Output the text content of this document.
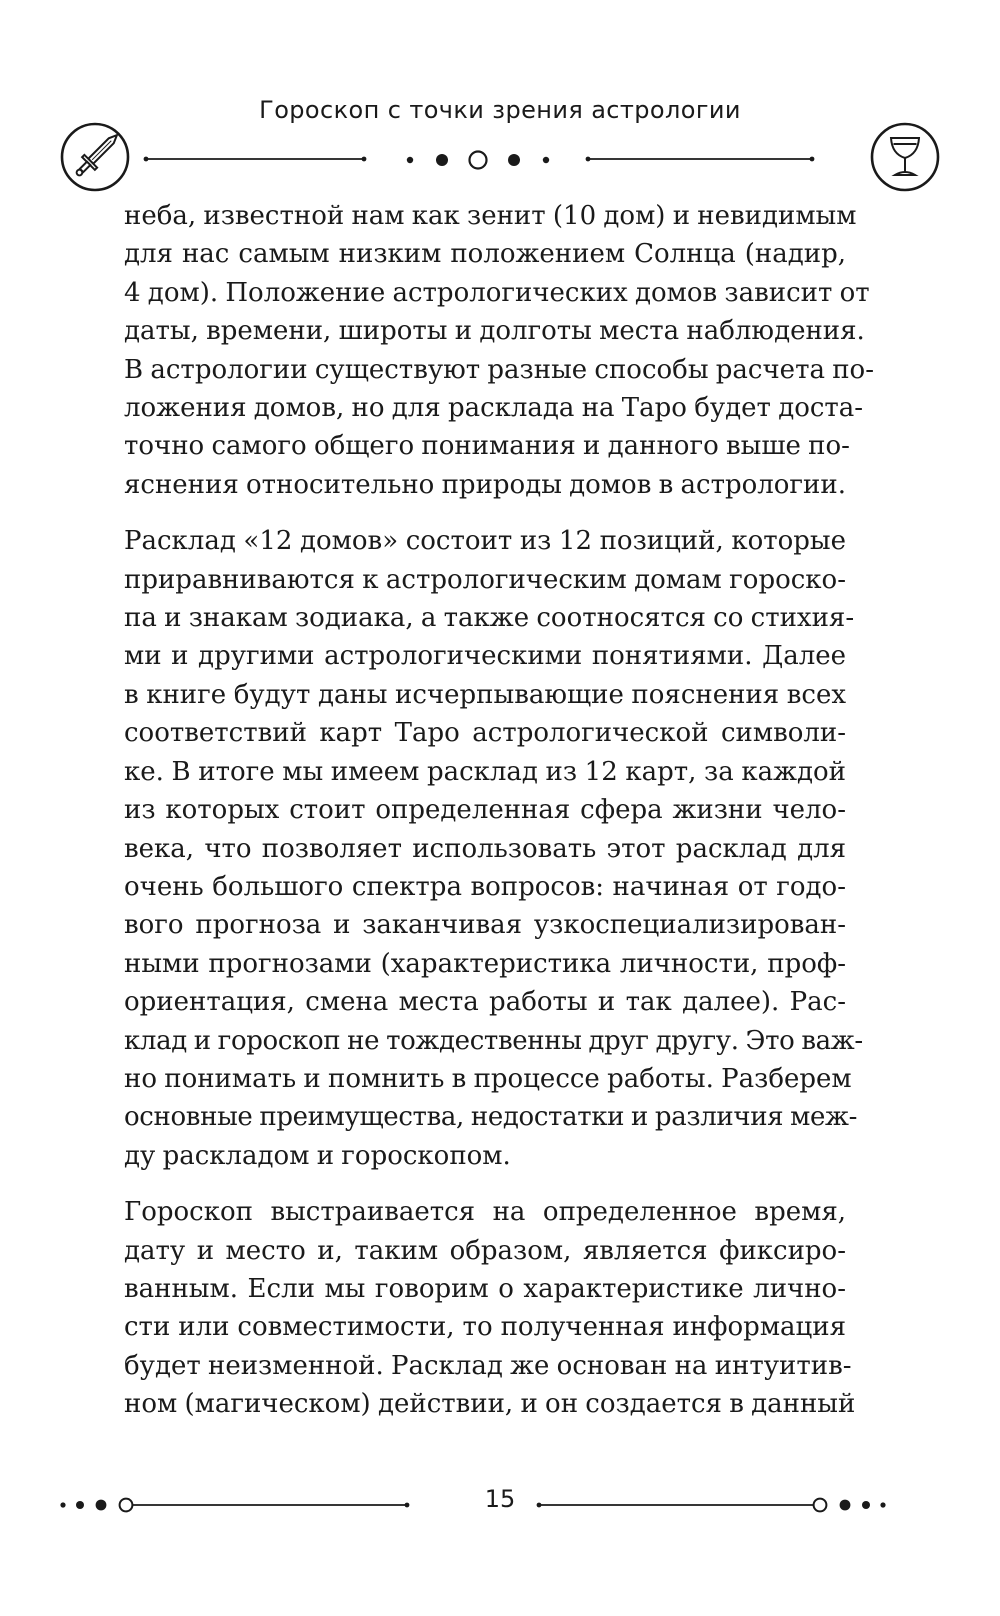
Гороскоп с точки зрения астрологии

неба, известной нам как зенит (10 дом) и невидимым
для нас самым низким положением Солнца (надир,
4 дом). Положение астрологических домов зависит от
даты, времени, широты и долготы места наблюдения.
В астрологии существуют разные способы расчета по-
ложения домов, но для расклада на Таро будет доста-
точно самого общего понимания и данного выше по-
яснения относительно природы домов в астрологии.

Расклад «12 домов» состоит из 12 позиций, которые
приравниваются к астрологическим домам гороско-
па и знакам зодиака, а также соотносятся со стихия-
ми и другими астрологическими понятиями. Далее
в книге будут даны исчерпывающие пояснения всех
соответствий карт Таро астрологической символи-
ке. В итоге мы имеем расклад из 12 карт, за каждой
из которых стоит определенная сфера жизни чело-
века, что позволяет использовать этот расклад для
очень большого спектра вопросов: начиная от годо-
вого прогноза и заканчивая узкоспециализирован-
ными прогнозами (характеристика личности, проф-
ориентация, смена места работы и так далее). Рас-
клад и гороскоп не тождественны друг другу. Это важ-
но понимать и помнить в процессе работы. Разберем
основные преимущества, недостатки и различия меж-
ду раскладом и гороскопом.

Гороскоп выстраивается на определенное время,
дату и место и, таким образом, является фиксиро-
ванным. Если мы говорим о характеристике лично-
сти или совместимости, то полученная информация
будет неизменной. Расклад же основан на интуитив-
ном (магическом) действии, и он создается в данный

15
